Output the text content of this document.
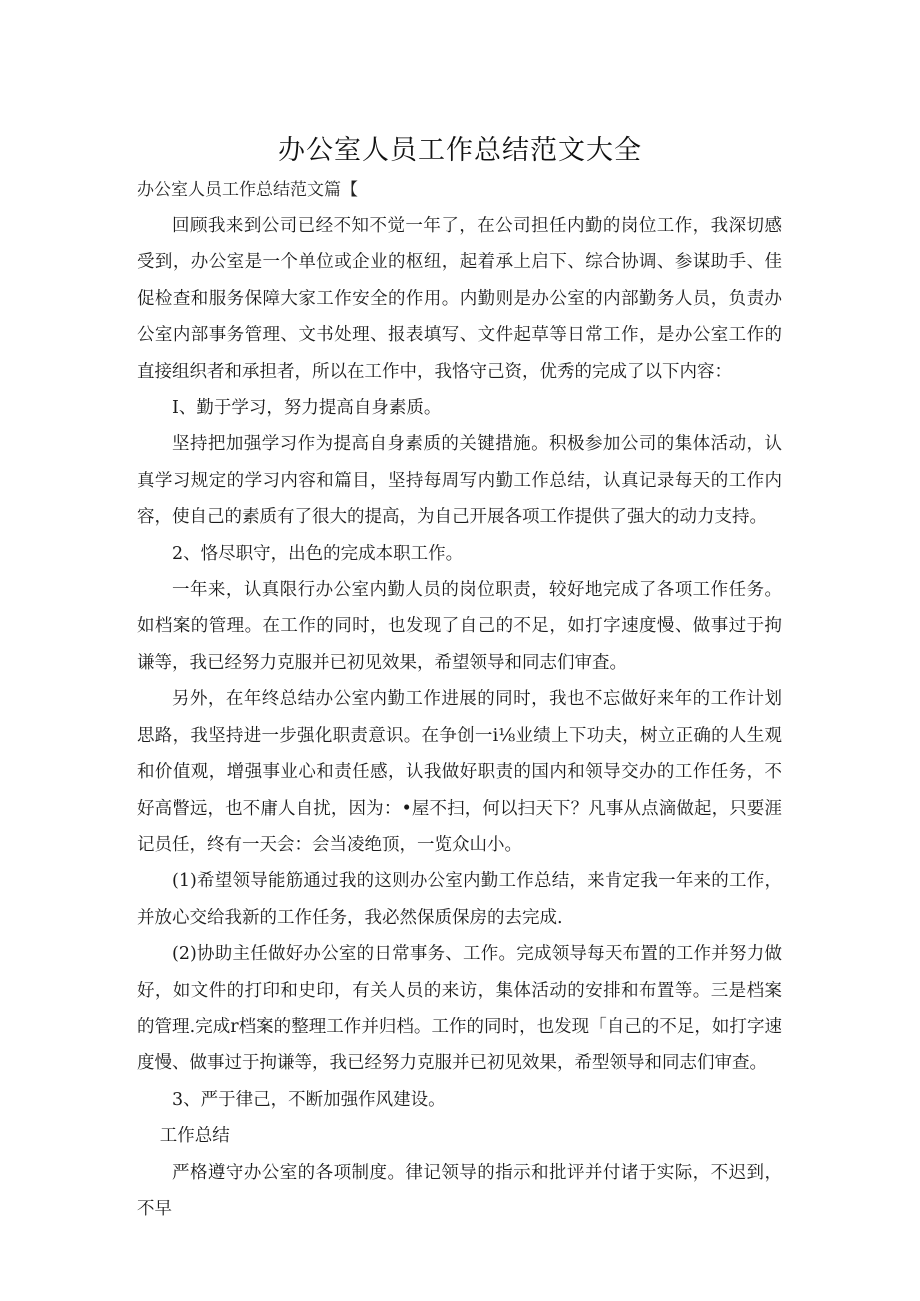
办公室人员工作总结范文大全
办公室人员工作总结范文篇【

回顾我来到公司已经不知不觉一年了，在公司担任内勤的岗位工作，我深切感受到，办公室是一个单位或企业的枢纽，起着承上启下、综合协调、参谋助手、佳促检查和服务保障大家工作安全的作用。内勤则是办公室的内部勤务人员，负责办公室内部事务管理、文书处理、报表填写、文件起草等日常工作，是办公室工作的直接组织者和承担者，所以在工作中，我恪守己资，优秀的完成了以下内容：

I、勤于学习，努力提高自身素质。

坚持把加强学习作为提高自身素质的关键措施。积极参加公司的集体活动，认真学习规定的学习内容和篇目，坚持每周写内勤工作总结，认真记录每天的工作内容，使自己的素质有了很大的提高，为自己开展各项工作提供了强大的动力支持。

2、恪尽职守，出色的完成本职工作。

一年来，认真限行办公室内勤人员的岗位职责，较好地完成了各项工作任务。如档案的管理。在工作的同时，也发现了自己的不足，如打字速度慢、做事过于拘谦等，我已经努力克服并已初见效果，希望领导和同志们审査。

另外，在年终总结办公室内勤工作进展的同时，我也不忘做好来年的工作计划思路，我坚持进一步强化职责意识。在争创一i⅛业绩上下功夫，树立正确的人生观和价值观，增强事业心和责任感，认我做好职责的国内和领导交办的工作任务，不好高瞥远，也不庸人自扰，因为：•屋不扫，何以扫天下？凡事从点滴做起，只要涯记员任，终有一天会：会当凌绝顶，一览众山小。

(1)希望领导能筋通过我的这则办公室内勤工作总结，来肯定我一年来的工作，并放心交给我新的工作任务，我必然保质保房的去完成.

(2)协助主任做好办公室的日常事务、工作。完成领导每天布置的工作并努力做好，如文件的打印和史印，有关人员的来访，集体活动的安排和布置等。三是档案的管理.完成r档案的整理工作并归档。工作的同时，也发现「自己的不足，如打字速度慢、做事过于拘谦等，我已经努力克服并已初见效果，希型领导和同志们审查。

3、严于律己，不断加强作风建设。

工作总结

严格遵守办公室的各项制度。律记领导的指示和批评并付诸于实际，不迟到，不早
